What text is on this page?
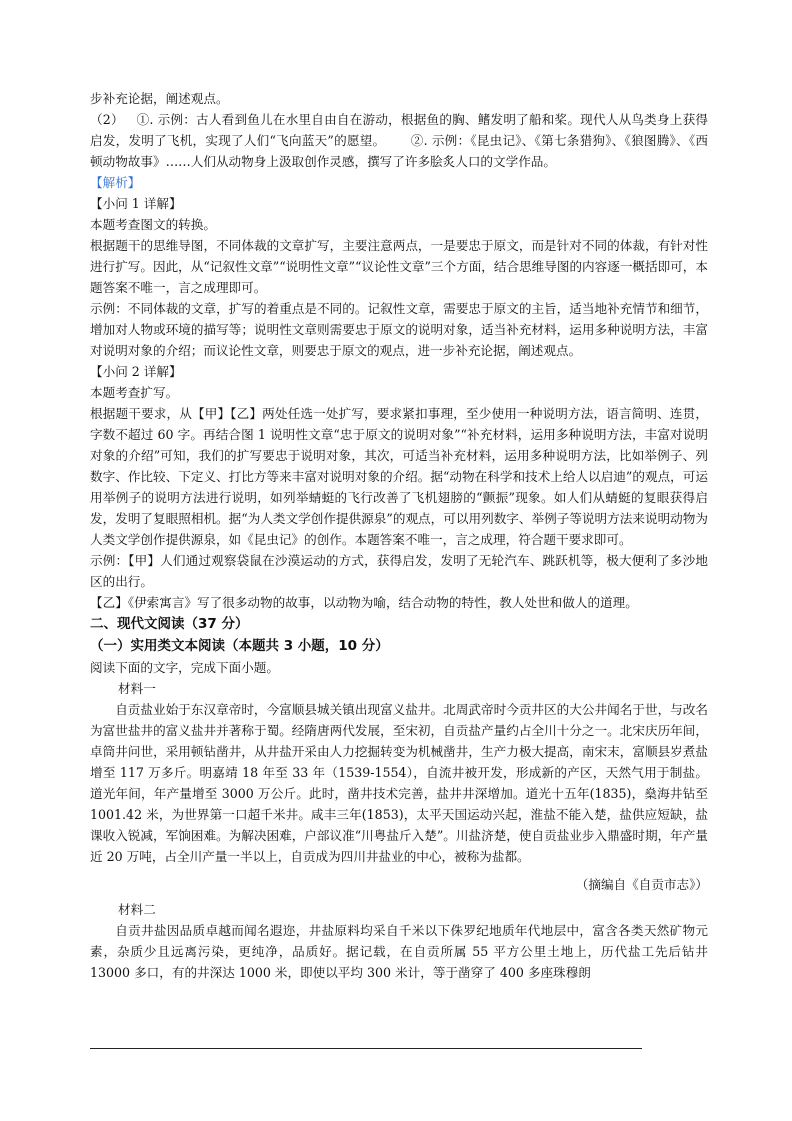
步补充论据，阐述观点。

（2） ①. 示例：古人看到鱼儿在水里自由自在游动，根据鱼的胸、鳍发明了船和桨。现代人从鸟类身上获得启发，发明了飞机，实现了人们“飞向蓝天”的愿望。  ②. 示例：《昆虫记》、《第七条猎狗》、《狼图腾》、《西顿动物故事》……人们从动物身上汲取创作灵感，撰写了许多脍炙人口的文学作品。

【解析】

【小问 1 详解】

本题考查图文的转换。

根据题干的思维导图，不同体裁的文章扩写，主要注意两点，一是要忠于原文，而是针对不同的体裁，有针对性进行扩写。因此，从“记叙性文章”“说明性文章”“议论性文章”三个方面，结合思维导图的内容逐一概括即可，本题答案不唯一，言之成理即可。

示例：不同体裁的文章，扩写的着重点是不同的。记叙性文章，需要忠于原文的主旨，适当地补充情节和细节，增加对人物或环境的描写等；说明性文章则需要忠于原文的说明对象，适当补充材料，运用多种说明方法，丰富对说明对象的介绍；而议论性文章，则要忠于原文的观点，进一步补充论据，阐述观点。

【小问 2 详解】

本题考查扩写。

根据题干要求，从【甲】【乙】两处任选一处扩写，要求紧扣事理，至少使用一种说明方法，语言简明、连贯，字数不超过 60 字。再结合图 1 说明性文章“忠于原文的说明对象”“补充材料，运用多种说明方法，丰富对说明对象的介绍”可知，我们的扩写要忠于说明对象，其次，可适当补充材料，运用多种说明方法，比如举例子、列数字、作比较、下定义、打比方等来丰富对说明对象的介绍。据“动物在科学和技术上给人以启迪”的观点，可运用举例子的说明方法进行说明，如列举蜻蜓的飞行改善了飞机翅膀的“颤振”现象。如人们从蜻蜓的复眼获得启发，发明了复眼照相机。据“为人类文学创作提供源泉”的观点，可以用列数字、举例子等说明方法来说明动物为人类文学创作提供源泉，如《昆虫记》的创作。本题答案不唯一，言之成理，符合题干要求即可。

示例：【甲】人们通过观察袋鼠在沙漠运动的方式，获得启发，发明了无轮汽车、跳跃机等，极大便利了多沙地区的出行。

【乙】《伊索寓言》写了很多动物的故事，以动物为喻，结合动物的特性，教人处世和做人的道理。

二、现代文阅读（37 分）

（一）实用类文本阅读（本题共 3 小题，10 分）

阅读下面的文字，完成下面小题。

材料一

自贡盐业始于东汉章帝时，今富顺县城关镇出现富义盐井。北周武帝时今贡井区的大公井闻名于世，与改名为富世盐井的富义盐井并著称于蜀。经隋唐两代发展，至宋初，自贡盐产量约占全川十分之一。北宋庆历年间，卓筒井问世，采用顿钻凿井，从井盐开采由人力挖掘转变为机械凿井，生产力极大提高，南宋末，富顺县岁煮盐增至 117 万多斤。明嘉靖 18 年至 33 年（1539-1554），自流井被开发，形成新的产区，天然气用于制盐。道光年间，年产量增至 3000 万公斤。此时，凿井技术完善，盐井井深增加。道光十五年(1835)，燊海井钻至 1001.42 米，为世界第一口超千米井。咸丰三年(1853)，太平天国运动兴起，淮盐不能入楚，盐供应短缺，盐课收入锐减，军饷困难。为解决困难，户部议准“川粤盐斤入楚”。川盐济楚，使自贡盐业步入鼎盛时期，年产量近 20 万吨，占全川产量一半以上，自贡成为四川井盐业的中心，被称为盐都。

（摘编自《自贡市志》）

材料二

自贡井盐因品质卓越而闻名遐迩，井盐原料均采自千米以下侏罗纪地质年代地层中，富含各类天然矿物元素，杂质少且远离污染，更纯净，品质好。据记载，在自贡所属 55 平方公里土地上，历代盐工先后钻井 13000 多口，有的井深达 1000 米，即使以平均 300 米计，等于凿穿了 400 多座珠穆朗
